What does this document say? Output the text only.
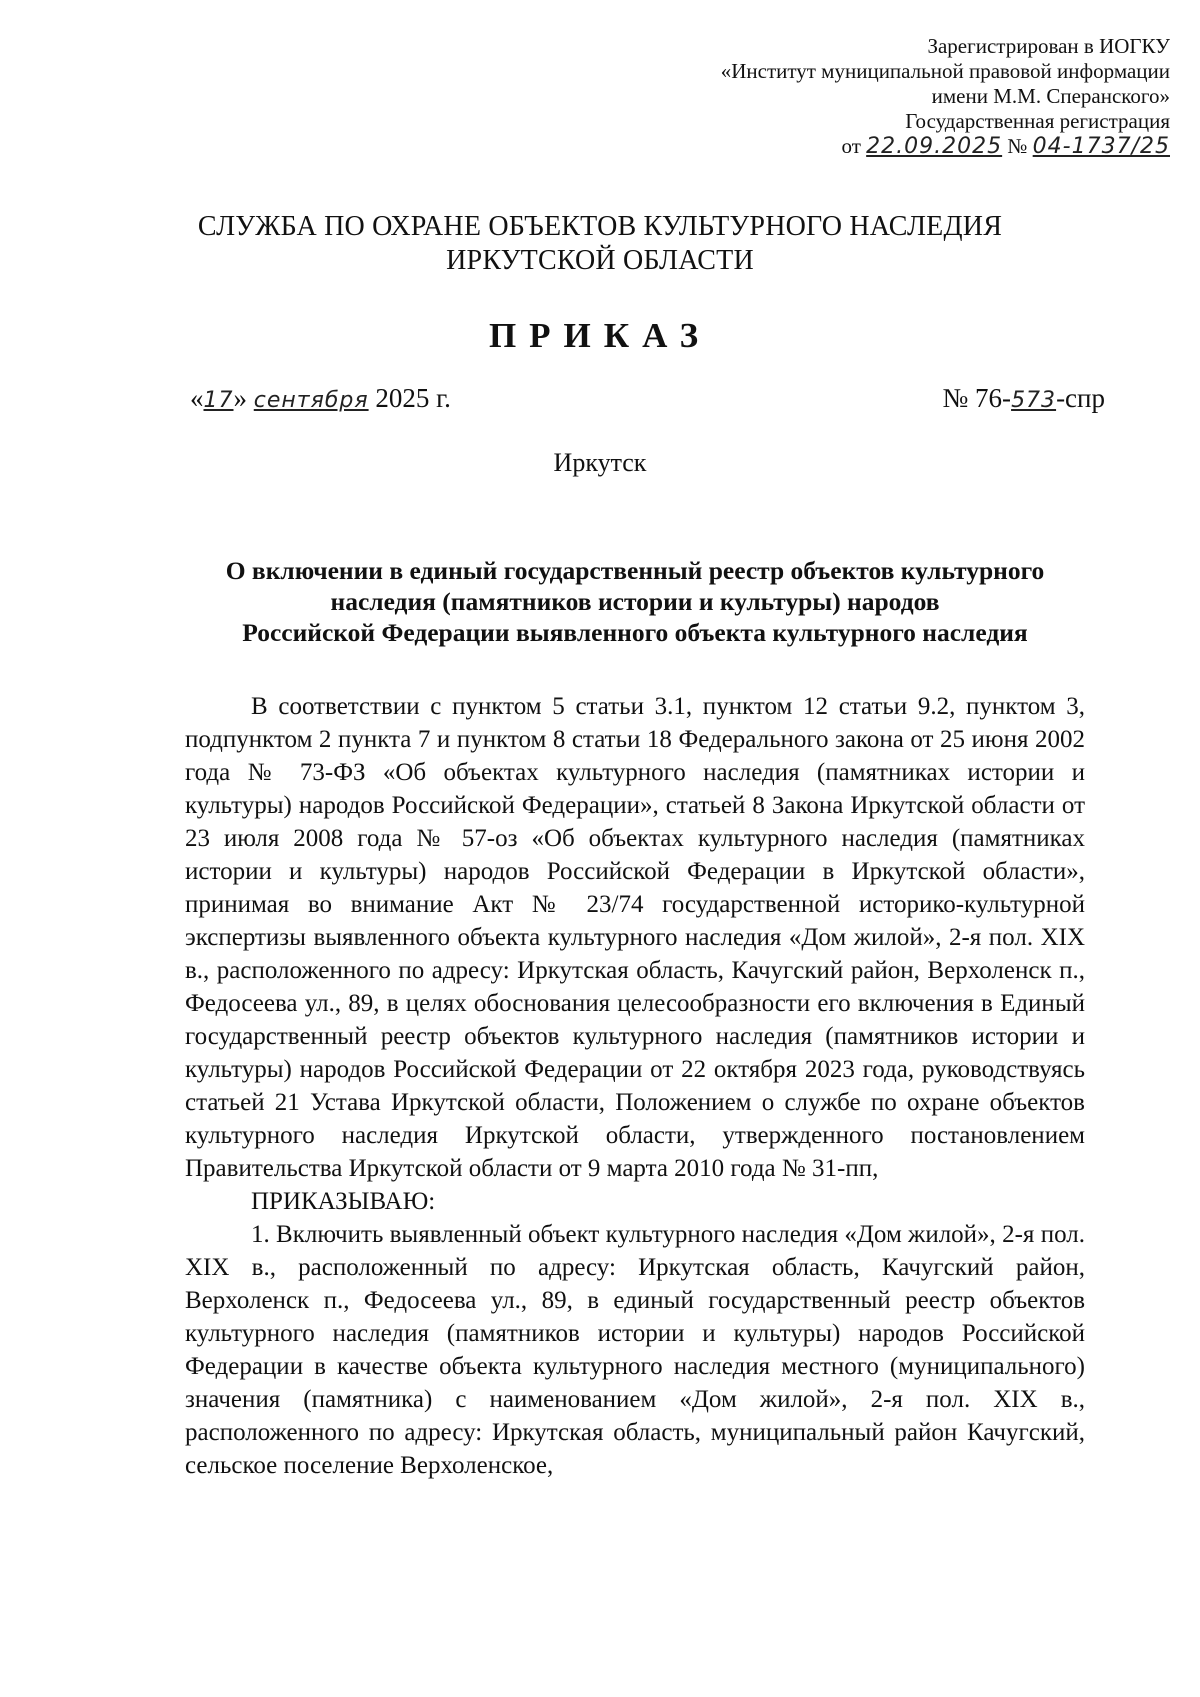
Зарегистрирован в ИОГКУ
«Институт муниципальной правовой информации
имени М.М. Сперанского»
Государственная регистрация
от 22.09.2025 № 04-1737/25
СЛУЖБА ПО ОХРАНЕ ОБЪЕКТОВ КУЛЬТУРНОГО НАСЛЕДИЯ
ИРКУТСКОЙ ОБЛАСТИ
ПРИКАЗ
«17» сентября 2025 г.	№ 76-573-спр
Иркутск
О включении в единый государственный реестр объектов культурного
наследия (памятников истории и культуры) народов
Российской Федерации выявленного объекта культурного наследия

В соответствии с пунктом 5 статьи 3.1, пунктом 12 статьи 9.2, пунктом 3, подпунктом 2 пункта 7 и пунктом 8 статьи 18 Федерального закона от 25 июня 2002 года № 73-ФЗ «Об объектах культурного наследия (памятниках истории и культуры) народов Российской Федерации», статьей 8 Закона Иркутской области от 23 июля 2008 года № 57-оз «Об объектах культурного наследия (памятниках истории и культуры) народов Российской Федерации в Иркутской области», принимая во внимание Акт № 23/74 государственной историко-культурной экспертизы выявленного объекта культурного наследия «Дом жилой», 2-я пол. XIX в., расположенного по адресу: Иркутская область, Качугский район, Верхоленск п., Федосеева ул., 89, в целях обоснования целесообразности его включения в Единый государственный реестр объектов культурного наследия (памятников истории и культуры) народов Российской Федерации от 22 октября 2023 года, руководствуясь статьей 21 Устава Иркутской области, Положением о службе по охране объектов культурного наследия Иркутской области, утвержденного постановлением Правительства Иркутской области от 9 марта 2010 года № 31-пп,

ПРИКАЗЫВАЮ:

1. Включить выявленный объект культурного наследия «Дом жилой», 2-я пол. XIX в., расположенный по адресу: Иркутская область, Качугский район, Верхоленск п., Федосеева ул., 89, в единый государственный реестр объектов культурного наследия (памятников истории и культуры) народов Российской Федерации в качестве объекта культурного наследия местного (муниципального) значения (памятника) с наименованием «Дом жилой», 2-я пол. XIX в., расположенного по адресу: Иркутская область, муниципальный район Качугский, сельское поселение Верхоленское,
